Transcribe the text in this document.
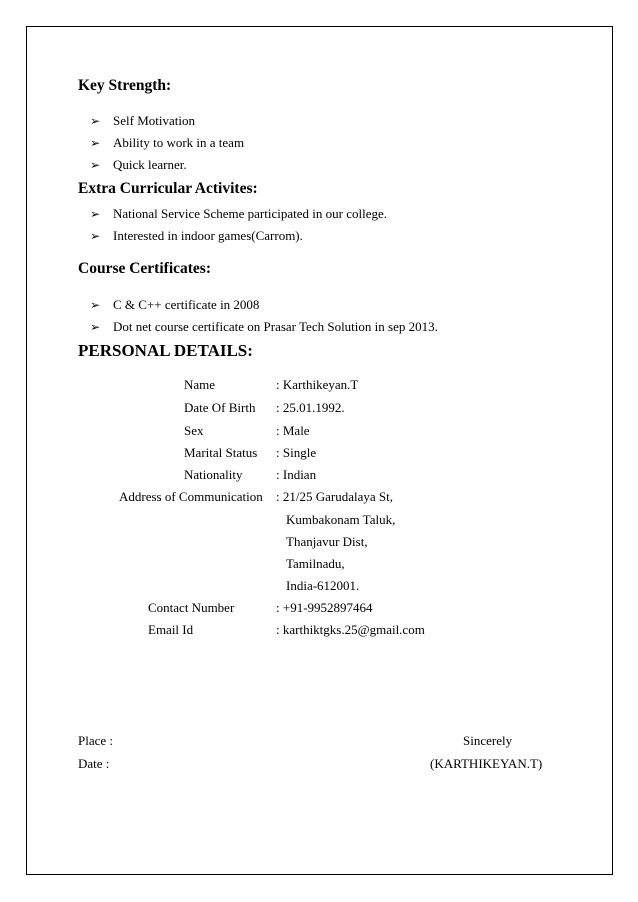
Key Strength:
➢ Self Motivation
➢ Ability to work in a team
➢ Quick learner.
Extra Curricular Activites:
➢ National Service Scheme participated in our college.
➢ Interested in indoor games(Carrom).
Course Certificates:
➢ C & C++ certificate in 2008
➢ Dot net course certificate on Prasar Tech Solution in sep 2013.
PERSONAL DETAILS:
Name	: Karthikeyan.T
Date Of Birth : 25.01.1992.
Sex	: Male
Marital Status : Single
Nationality	: Indian
Address of Communication : 21/25 Garudalaya St,
Kumbakonam Taluk,
Thanjavur Dist,
Tamilnadu,
India-612001.
Contact Number	: +91-9952897464
Email Id	: karthiktgks.25@gmail.com
Place :
Date :
Sincerely
(KARTHIKEYAN.T)
